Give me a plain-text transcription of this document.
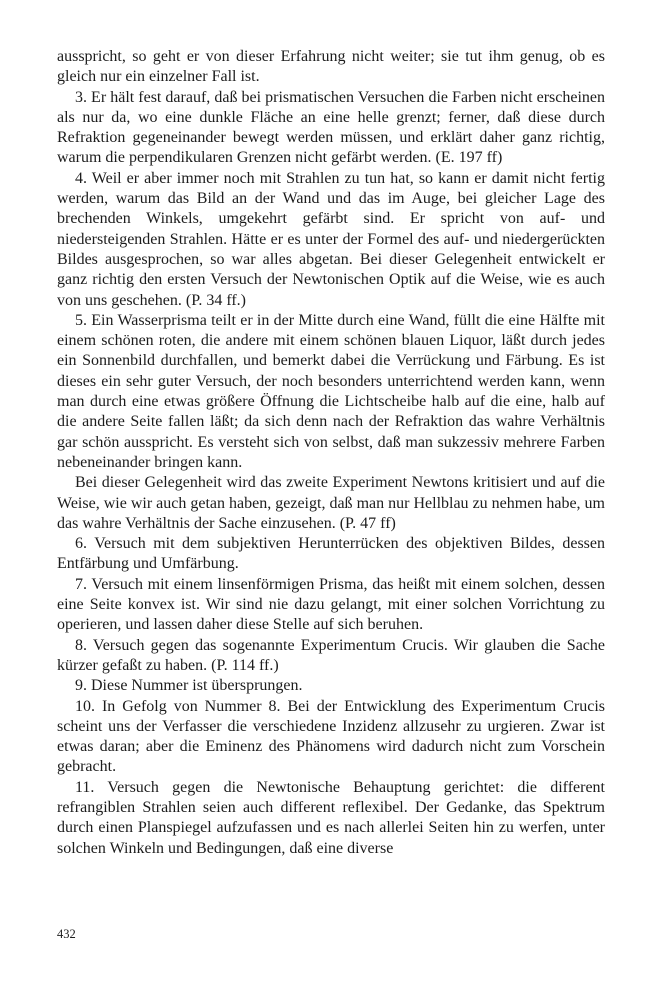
ausspricht, so geht er von dieser Erfahrung nicht weiter; sie tut ihm genug, ob es gleich nur ein einzelner Fall ist.

3. Er hält fest darauf, daß bei prismatischen Versuchen die Farben nicht erscheinen als nur da, wo eine dunkle Fläche an eine helle grenzt; ferner, daß diese durch Refraktion gegeneinander bewegt werden müssen, und erklärt daher ganz richtig, warum die perpendikularen Grenzen nicht gefärbt werden. (E. 197 ff)

4. Weil er aber immer noch mit Strahlen zu tun hat, so kann er damit nicht fertig werden, warum das Bild an der Wand und das im Auge, bei gleicher Lage des brechenden Winkels, umgekehrt gefärbt sind. Er spricht von auf- und niedersteigenden Strahlen. Hätte er es unter der Formel des auf- und niedergerückten Bildes ausgesprochen, so war alles abgetan. Bei dieser Gelegenheit entwickelt er ganz richtig den ersten Versuch der Newtonischen Optik auf die Weise, wie es auch von uns geschehen. (P. 34 ff.)

5. Ein Wasserprisma teilt er in der Mitte durch eine Wand, füllt die eine Hälfte mit einem schönen roten, die andere mit einem schönen blauen Liquor, läßt durch jedes ein Sonnenbild durchfallen, und bemerkt dabei die Verrückung und Färbung. Es ist dieses ein sehr guter Versuch, der noch besonders unterrichtend werden kann, wenn man durch eine etwas größere Öffnung die Lichtscheibe halb auf die eine, halb auf die andere Seite fallen läßt; da sich denn nach der Refraktion das wahre Verhältnis gar schön ausspricht. Es versteht sich von selbst, daß man sukzessiv mehrere Farben nebeneinander bringen kann.

Bei dieser Gelegenheit wird das zweite Experiment Newtons kritisiert und auf die Weise, wie wir auch getan haben, gezeigt, daß man nur Hellblau zu nehmen habe, um das wahre Verhältnis der Sache einzusehen. (P. 47 ff)

6. Versuch mit dem subjektiven Herunterrücken des objektiven Bildes, dessen Entfärbung und Umfärbung.

7. Versuch mit einem linsenförmigen Prisma, das heißt mit einem solchen, dessen eine Seite konvex ist. Wir sind nie dazu gelangt, mit einer solchen Vorrichtung zu operieren, und lassen daher diese Stelle auf sich beruhen.

8. Versuch gegen das sogenannte Experimentum Crucis. Wir glauben die Sache kürzer gefaßt zu haben. (P. 114 ff.)

9. Diese Nummer ist übersprungen.

10. In Gefolg von Nummer 8. Bei der Entwicklung des Experimentum Crucis scheint uns der Verfasser die verschiedene Inzidenz allzusehr zu urgieren. Zwar ist etwas daran; aber die Eminenz des Phänomens wird dadurch nicht zum Vorschein gebracht.

11. Versuch gegen die Newtonische Behauptung gerichtet: die different refrangiblen Strahlen seien auch different reflexibel. Der Gedanke, das Spektrum durch einen Planspiegel aufzufassen und es nach allerlei Seiten hin zu werfen, unter solchen Winkeln und Bedingungen, daß eine diverse

432
